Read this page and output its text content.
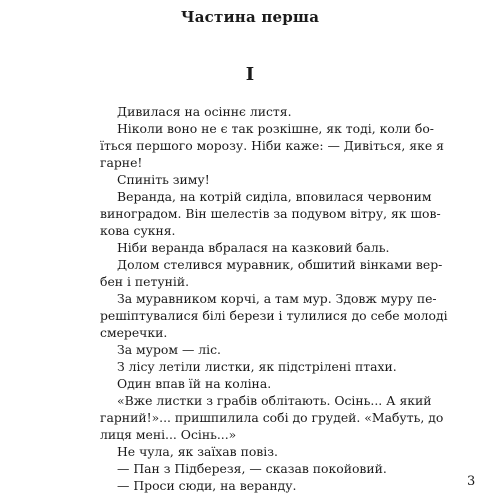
Частина перша
I
Дивилася на осіннє листя.
Ніколи воно не є так розкішне, як тоді, коли бо-
їться першого морозу. Ніби каже: — Дивіться, яке я
гарне!
Спиніть зиму!
Веранда, на котрій сиділа, вповилася червоним
виноградом. Він шелестів за подувом вітру, як шов-
кова сукня.
Ніби веранда вбралася на казковий баль.
Долом стелився муравник, обшитий вінками вер-
бен і петуній.
За муравником корчі, а там мур. Здовж муру пе-
решіптувалися білі берези і тулилися до себе молоді
смеречки.
За муром — ліс.
З лісу летіли листки, як підстрілені птахи.
Один впав їй на коліна.
«Вже листки з грабів облітають. Осінь... А який
гарний!»... пришпилила собі до грудей. «Мабуть, до
лиця мені... Осінь...»
Не чула, як заїхав повіз.
— Пан з Підберезя, — сказав покойовий.
— Проси сюди, на веранду.	3
